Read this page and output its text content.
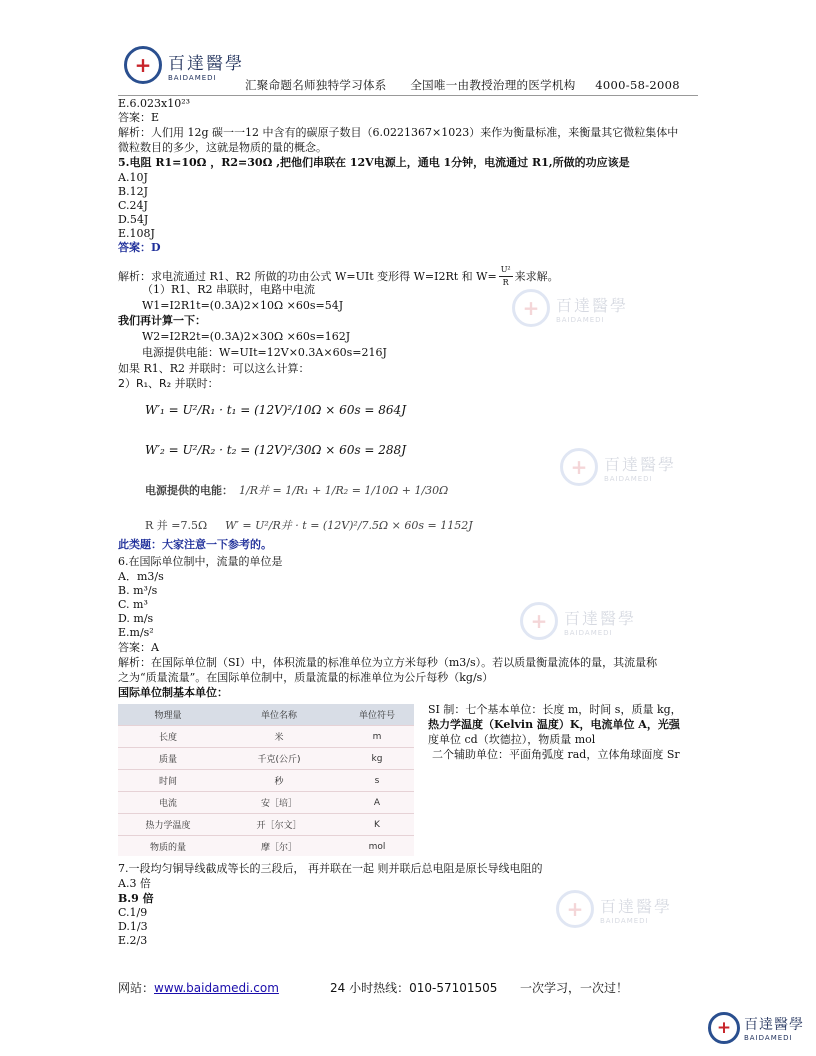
+ 百達醫學
BAIDAMEDI
汇聚命题名师独特学习体系      全国唯一由教授治理的医学机构     4000-58-2008
+ 百達醫學
BAIDAMEDI
+ 百達醫學
BAIDAMEDI
+ 百達醫學
BAIDAMEDI
+ 百達醫學
BAIDAMEDI
E.6.023x10²³
答案：E
解析：人们用 12g 碳一一12 中含有的碳原子数目（6.0221367×1023）来作为衡量标准，来衡量其它微粒集体中
微粒数目的多少，这就是物质的量的概念。
5.电阻 R1=10Ω ，R2=30Ω ,把他们串联在 12V电源上，通电 1分钟，电流通过 R1,所做的功应该是
A.10J
B.12J
C.24J
D.54J
E.108J
答案：D
解析：求电流通过 R1、R2 所做的功由公式 W=UIt 变形得 W=I2Rt 和 $W= \frac{\text{U²}}{R}$ 来求解。
（1）R1、R2 串联时，电路中电流
W1=I2R1t=(0.3A)2×10Ω ×60s=54J
我们再计算一下：
W2=I2R2t=(0.3A)2×30Ω ×60s=162J
电源提供电能：W=UIt=12V×0.3A×60s=216J
如果 R1、R2 并联时：可以这么计算：
2）R₁、R₂ 并联时：
W′₁ = U²/R₁ · t₁ = (12V)²/10Ω × 60s = 864J
W′₂ = U²/R₂ · t₂ = (12V)²/30Ω × 60s = 288J
电源提供的电能： 1/R并 = 1/R₁ + 1/R₂ = 1/10Ω + 1/30Ω
R 并 =7.5Ω W′ = U²/R并 · t = (12V)²/7.5Ω × 60s = 1152J
此类题：大家注意一下参考的。
6.在国际单位制中，流量的单位是
A．m3/s
B. m³/s
C. m³
D. m/s
E.m/s²
答案：A
解析：在国际单位制（SI）中，体积流量的标准单位为立方米每秒（m3/s）。若以质量衡量流体的量，其流量称
之为“质量流量”。在国际单位制中，质量流量的标准单位为公斤每秒（kg/s）
国际单位制基本单位：
物理量	单位名称	单位符号
长度	米	m
质量	千克(公斤)	kg
时间	秒	s
电流	安［培］	A
热力学温度	开［尔文］	K
物质的量	摩［尔］	mol

SI 制：七个基本单位：长度 m，时间 s，质量 kg，
热力学温度（Kelvin 温度）K，电流单位 A，光强
度单位 cd（坎德拉），物质量 mol
二个辅助单位：平面角弧度 rad，立体角球面度 Sr
7.一段均匀铜导线截成等长的三段后， 再并联在一起 则并联后总电阻是原长导线电阻的
A.3 倍
B.9 倍
C.1/9
D.1/3
E.2/3
网站：www.baidamedi.com	24 小时热线：010-57101505 一次学习，一次过！
+ 百達醫學
BAIDAMEDI
